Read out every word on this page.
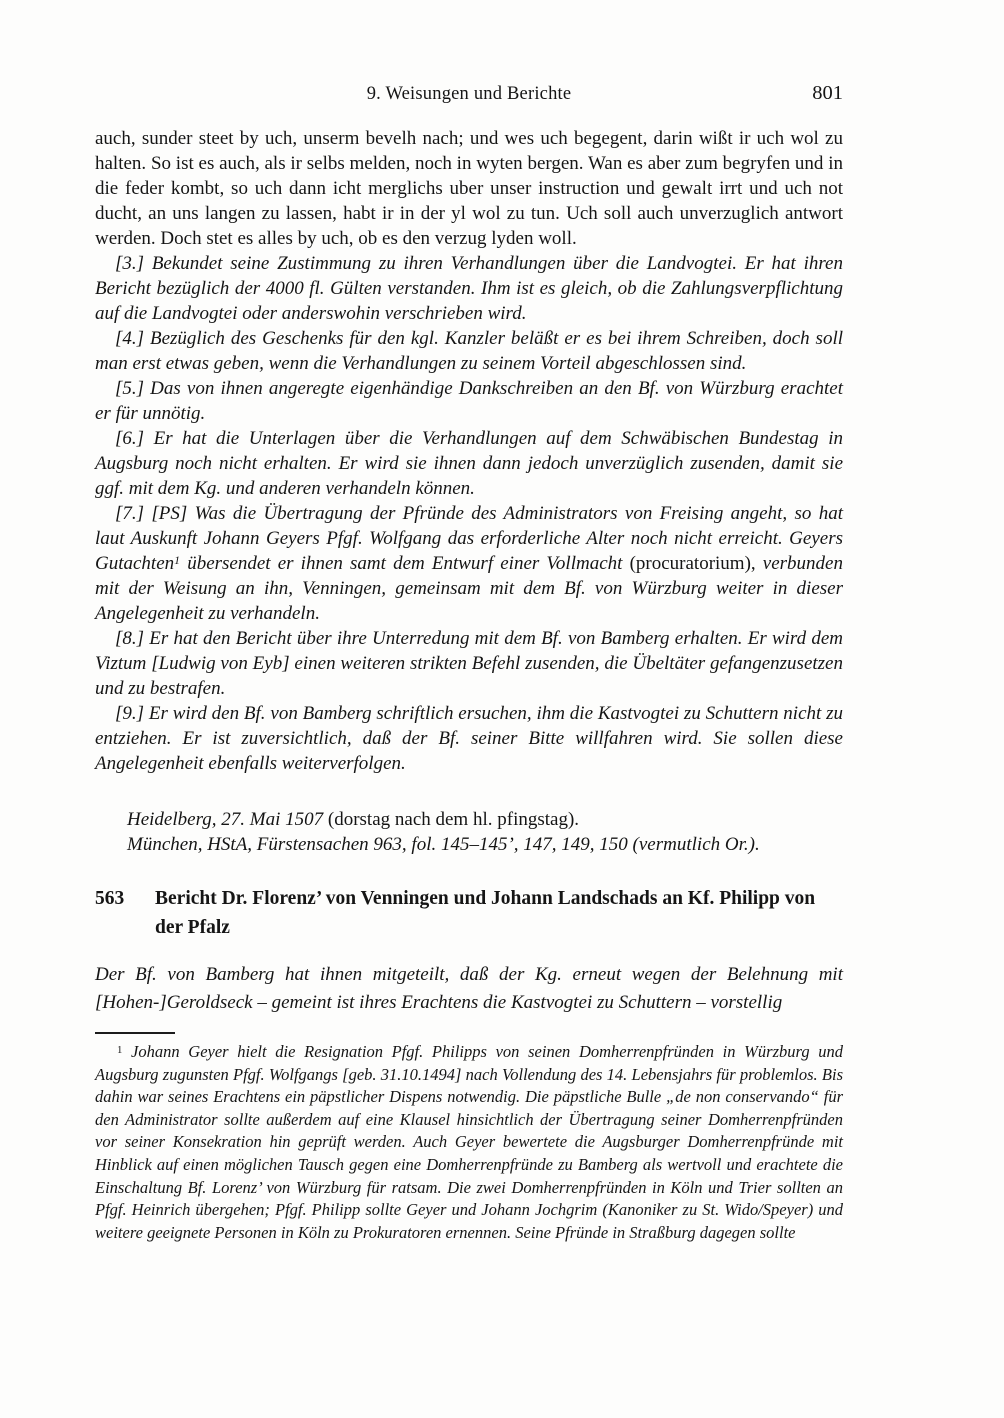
9. Weisungen und Berichte	801

auch, sunder steet by uch, unserm bevelh nach; und wes uch begegent, darin wißt ir uch wol zu halten. So ist es auch, als ir selbs melden, noch in wyten bergen. Wan es aber zum begryfen und in die feder kombt, so uch dann icht merglichs uber unser instruction und gewalt irrt und uch not ducht, an uns langen zu lassen, habt ir in der yl wol zu tun. Uch soll auch unverzuglich antwort werden. Doch stet es alles by uch, ob es den verzug lyden woll.

[3.] Bekundet seine Zustimmung zu ihren Verhandlungen über die Landvogtei. Er hat ihren Bericht bezüglich der 4000 fl. Gülten verstanden. Ihm ist es gleich, ob die Zahlungsverpflichtung auf die Landvogtei oder anderswohin verschrieben wird.

[4.] Bezüglich des Geschenks für den kgl. Kanzler beläßt er es bei ihrem Schreiben, doch soll man erst etwas geben, wenn die Verhandlungen zu seinem Vorteil abgeschlossen sind.

[5.] Das von ihnen angeregte eigenhändige Dankschreiben an den Bf. von Würzburg erachtet er für unnötig.

[6.] Er hat die Unterlagen über die Verhandlungen auf dem Schwäbischen Bundestag in Augsburg noch nicht erhalten. Er wird sie ihnen dann jedoch unverzüglich zusenden, damit sie ggf. mit dem Kg. und anderen verhandeln können.

[7.] [PS] Was die Übertragung der Pfründe des Administrators von Freising angeht, so hat laut Auskunft Johann Geyers Pfgf. Wolfgang das erforderliche Alter noch nicht erreicht. Geyers Gutachten$^1$ übersendet er ihnen samt dem Entwurf einer Vollmacht (procuratorium), verbunden mit der Weisung an ihn, Venningen, gemeinsam mit dem Bf. von Würzburg weiter in dieser Angelegenheit zu verhandeln.

[8.] Er hat den Bericht über ihre Unterredung mit dem Bf. von Bamberg erhalten. Er wird dem Viztum [Ludwig von Eyb] einen weiteren strikten Befehl zusenden, die Übeltäter gefangenzusetzen und zu bestrafen.

[9.] Er wird den Bf. von Bamberg schriftlich ersuchen, ihm die Kastvogtei zu Schuttern nicht zu entziehen. Er ist zuversichtlich, daß der Bf. seiner Bitte willfahren wird. Sie sollen diese Angelegenheit ebenfalls weiterverfolgen.

Heidelberg, 27. Mai 1507 (dorstag nach dem hl. pfingstag).

München, HStA, Fürstensachen 963, fol. 145–145’, 147, 149, 150 (vermutlich Or.).

563	Bericht Dr. Florenz’ von Venningen und Johann Landschads an Kf. Philipp von der Pfalz

Der Bf. von Bamberg hat ihnen mitgeteilt, daß der Kg. erneut wegen der Belehnung mit [Hohen-]Geroldseck – gemeint ist ihres Erachtens die Kastvogtei zu Schuttern – vorstellig

$^1$ Johann Geyer hielt die Resignation Pfgf. Philipps von seinen Domherrenpfründen in Würzburg und Augsburg zugunsten Pfgf. Wolfgangs [geb. 31.10.1494] nach Vollendung des 14. Lebensjahrs für problemlos. Bis dahin war seines Erachtens ein päpstlicher Dispens notwendig. Die päpstliche Bulle „de non conservando“ für den Administrator sollte außerdem auf eine Klausel hinsichtlich der Übertragung seiner Domherrenpfründen vor seiner Konsekration hin geprüft werden. Auch Geyer bewertete die Augsburger Domherrenpfründe mit Hinblick auf einen möglichen Tausch gegen eine Domherrenpfründe zu Bamberg als wertvoll und erachtete die Einschaltung Bf. Lorenz’ von Würzburg für ratsam. Die zwei Domherrenpfründen in Köln und Trier sollten an Pfgf. Heinrich übergehen; Pfgf. Philipp sollte Geyer und Johann Jochgrim (Kanoniker zu St. Wido/Speyer) und weitere geeignete Personen in Köln zu Prokuratoren ernennen. Seine Pfründe in Straßburg dagegen sollte
